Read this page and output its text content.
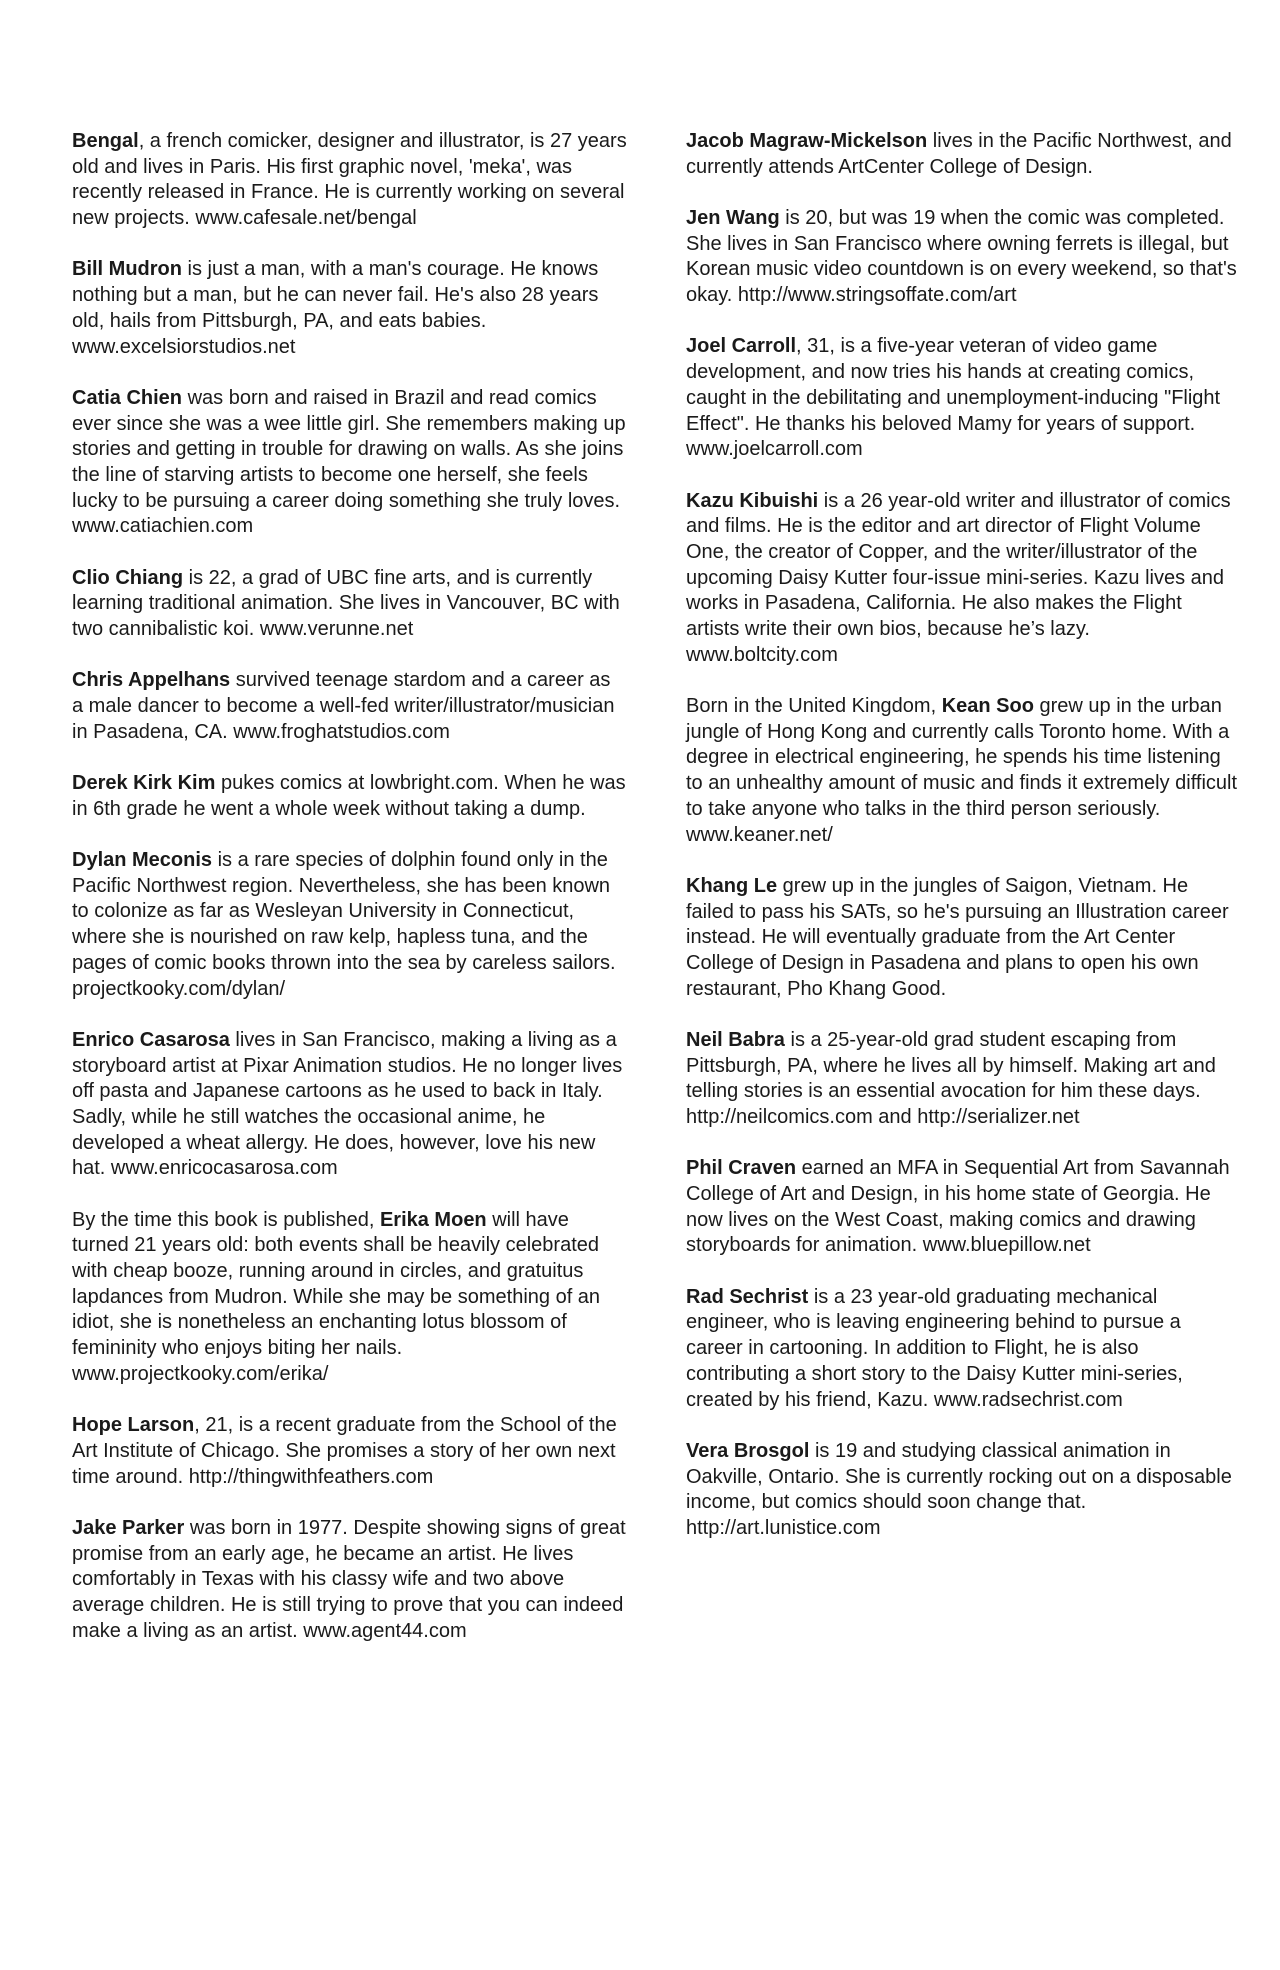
Bengal, a french comicker, designer and illustrator, is 27 years old and lives in Paris. His first graphic novel, 'meka', was recently released in France. He is currently working on several new projects. www.cafesale.net/bengal

Bill Mudron is just a man, with a man's courage. He knows nothing but a man, but he can never fail. He's also 28 years old, hails from Pittsburgh, PA, and eats babies. www.excelsiorstudios.net

Catia Chien was born and raised in Brazil and read comics ever since she was a wee little girl. She remembers making up stories and getting in trouble for drawing on walls. As she joins the line of starving artists to become one herself, she feels lucky to be pursuing a career doing something she truly loves. www.catiachien.com

Clio Chiang is 22, a grad of UBC fine arts, and is currently learning traditional animation. She lives in Vancouver, BC with two cannibalistic koi. www.verunne.net

Chris Appelhans survived teenage stardom and a career as a male dancer to become a well-fed writer/illustrator/musician in Pasadena, CA. www.froghatstudios.com

Derek Kirk Kim pukes comics at lowbright.com. When he was in 6th grade he went a whole week without taking a dump.

Dylan Meconis is a rare species of dolphin found only in the Pacific Northwest region. Nevertheless, she has been known to colonize as far as Wesleyan University in Connecticut, where she is nourished on raw kelp, hapless tuna, and the pages of comic books thrown into the sea by careless sailors. projectkooky.com/dylan/

Enrico Casarosa lives in San Francisco, making a living as a storyboard artist at Pixar Animation studios. He no longer lives off pasta and Japanese cartoons as he used to back in Italy. Sadly, while he still watches the occasional anime, he developed a wheat allergy. He does, however, love his new hat. www.enricocasarosa.com

By the time this book is published, Erika Moen will have turned 21 years old: both events shall be heavily celebrated with cheap booze, running around in circles, and gratuitus lapdances from Mudron. While she may be something of an idiot, she is nonetheless an enchanting lotus blossom of femininity who enjoys biting her nails. www.projectkooky.com/erika/

Hope Larson, 21, is a recent graduate from the School of the Art Institute of Chicago. She promises a story of her own next time around. http://thingwithfeathers.com

Jake Parker was born in 1977. Despite showing signs of great promise from an early age, he became an artist. He lives comfortably in Texas with his classy wife and two above average children. He is still trying to prove that you can indeed make a living as an artist. www.agent44.com

Jacob Magraw-Mickelson lives in the Pacific Northwest, and currently attends ArtCenter College of Design.

Jen Wang is 20, but was 19 when the comic was completed. She lives in San Francisco where owning ferrets is illegal, but Korean music video countdown is on every weekend, so that's okay. http://www.stringsoffate.com/art

Joel Carroll, 31, is a five-year veteran of video game development, and now tries his hands at creating comics, caught in the debilitating and unemployment-inducing "Flight Effect". He thanks his beloved Mamy for years of support. www.joelcarroll.com

Kazu Kibuishi is a 26 year-old writer and illustrator of comics and films. He is the editor and art director of Flight Volume One, the creator of Copper, and the writer/illustrator of the upcoming Daisy Kutter four-issue mini-series. Kazu lives and works in Pasadena, California. He also makes the Flight artists write their own bios, because he’s lazy. www.boltcity.com

Born in the United Kingdom, Kean Soo grew up in the urban jungle of Hong Kong and currently calls Toronto home. With a degree in electrical engineering, he spends his time listening to an unhealthy amount of music and finds it extremely difficult to take anyone who talks in the third person seriously. www.keaner.net/

Khang Le grew up in the jungles of Saigon, Vietnam. He failed to pass his SATs, so he's pursuing an Illustration career instead. He will eventually graduate from the Art Center College of Design in Pasadena and plans to open his own restaurant, Pho Khang Good.

Neil Babra is a 25-year-old grad student escaping from Pittsburgh, PA, where he lives all by himself. Making art and telling stories is an essential avocation for him these days. http://neilcomics.com and http://serializer.net

Phil Craven earned an MFA in Sequential Art from Savannah College of Art and Design, in his home state of Georgia. He now lives on the West Coast, making comics and drawing storyboards for animation. www.bluepillow.net

Rad Sechrist is a 23 year-old graduating mechanical engineer, who is leaving engineering behind to pursue a career in cartooning. In addition to Flight, he is also contributing a short story to the Daisy Kutter mini-series, created by his friend, Kazu. www.radsechrist.com

Vera Brosgol is 19 and studying classical animation in Oakville, Ontario. She is currently rocking out on a disposable income, but comics should soon change that. http://art.lunistice.com
